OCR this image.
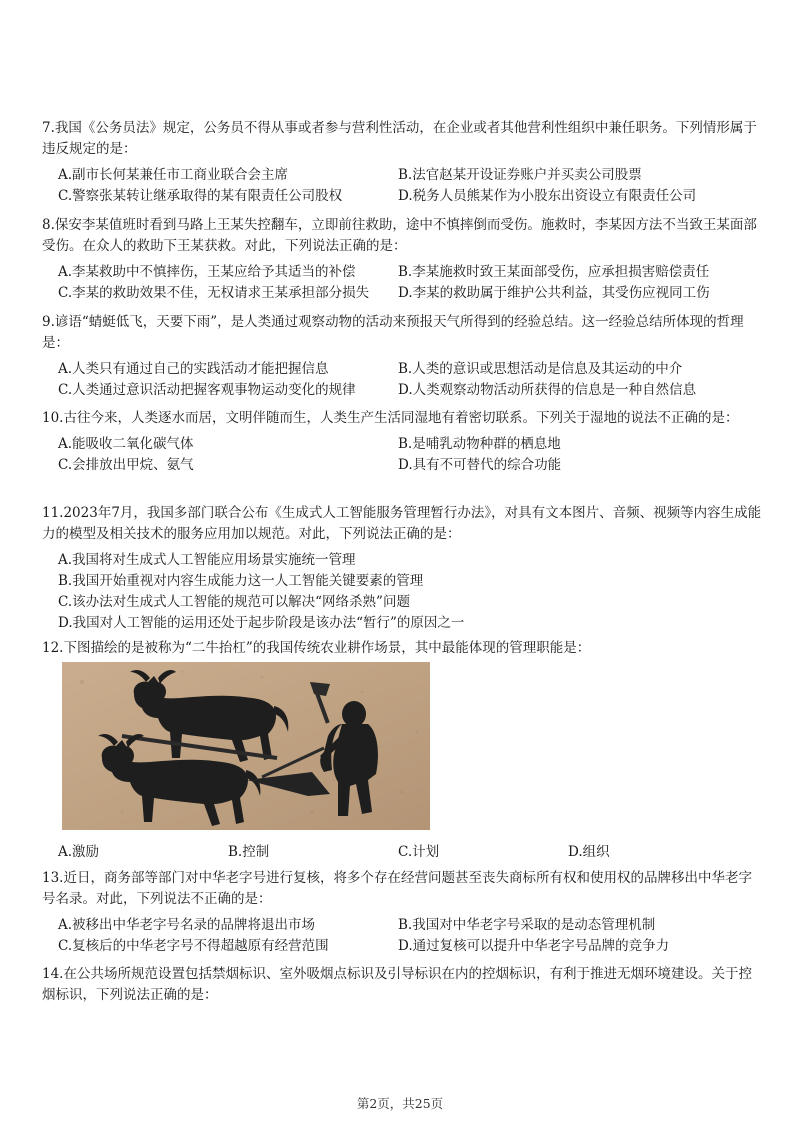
7.我国《公务员法》规定，公务员不得从事或者参与营利性活动，在企业或者其他营利性组织中兼任职务。下列情形属于违反规定的是：

A.副市长何某兼任市工商业联合会主席	B.法官赵某开设证券账户并买卖公司股票
C.警察张某转让继承取得的某有限责任公司股权	D.税务人员熊某作为小股东出资设立有限责任公司

8.保安李某值班时看到马路上王某失控翻车，立即前往救助，途中不慎摔倒而受伤。施救时，李某因方法不当致王某面部受伤。在众人的救助下王某获救。对此，下列说法正确的是：

A.李某救助中不慎摔伤，王某应给予其适当的补偿	B.李某施救时致王某面部受伤，应承担损害赔偿责任
C.李某的救助效果不佳，无权请求王某承担部分损失	D.李某的救助属于维护公共利益，其受伤应视同工伤

9.谚语“蜻蜓低飞，天要下雨”，是人类通过观察动物的活动来预报天气所得到的经验总结。这一经验总结所体现的哲理是：

A.人类只有通过自己的实践活动才能把握信息	B.人类的意识或思想活动是信息及其运动的中介
C.人类通过意识活动把握客观事物运动变化的规律	D.人类观察动物活动所获得的信息是一种自然信息

10.古往今来，人类逐水而居，文明伴随而生，人类生产生活同湿地有着密切联系。下列关于湿地的说法不正确的是：

A.能吸收二氧化碳气体	B.是哺乳动物种群的栖息地
C.会排放出甲烷、氨气	D.具有不可替代的综合功能

11.2023年7月，我国多部门联合公布《生成式人工智能服务管理暂行办法》，对具有文本图片、音频、视频等内容生成能力的模型及相关技术的服务应用加以规范。对此，下列说法正确的是：

A.我国将对生成式人工智能应用场景实施统一管理
B.我国开始重视对内容生成能力这一人工智能关键要素的管理
C.该办法对生成式人工智能的规范可以解决“网络杀熟”问题
D.我国对人工智能的运用还处于起步阶段是该办法“暂行”的原因之一

12.下图描绘的是被称为“二牛抬杠”的我国传统农业耕作场景，其中最能体现的管理职能是：

A.激励	B.控制	C.计划	D.组织

13.近日，商务部等部门对中华老字号进行复核，将多个存在经营问题甚至丧失商标所有权和使用权的品牌移出中华老字号名录。对此，下列说法不正确的是：

A.被移出中华老字号名录的品牌将退出市场	B.我国对中华老字号采取的是动态管理机制
C.复核后的中华老字号不得超越原有经营范围	D.通过复核可以提升中华老字号品牌的竞争力

14.在公共场所规范设置包括禁烟标识、室外吸烟点标识及引导标识在内的控烟标识，有利于推进无烟环境建设。关于控烟标识，下列说法正确的是：

第2页，共25页
